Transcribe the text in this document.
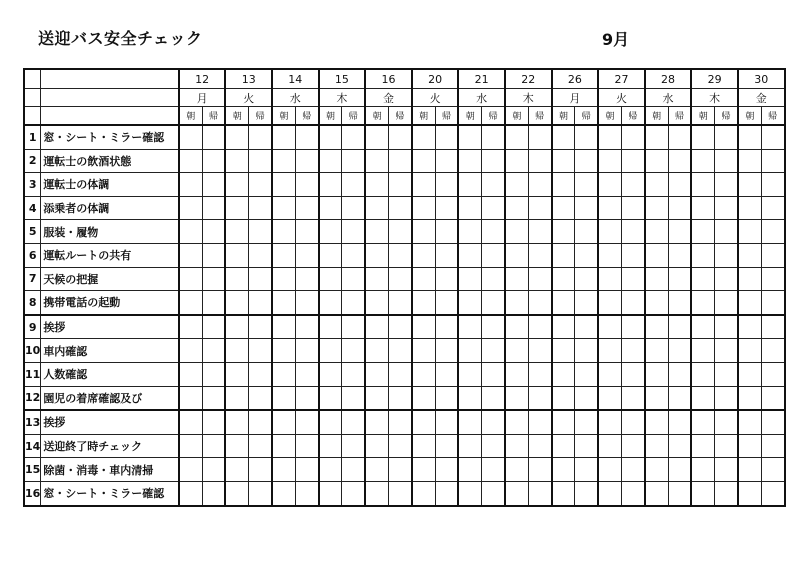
送迎バス安全チェック	9月
		12		13		14		15		16		20		21		22		26		27		28		29		30	
		月		火		水		木		金		火		水		木		月		火		水		木		金	
		朝	帰	朝	帰	朝	帰	朝	帰	朝	帰	朝	帰	朝	帰	朝	帰	朝	帰	朝	帰	朝	帰	朝	帰	朝	帰
1	窓・シート・ミラー確認																										
2	運転士の飲酒状態																										
3	運転士の体調																										
4	添乗者の体調																										
5	服装・履物																										
6	運転ルートの共有																										
7	天候の把握																										
8	携帯電話の起動																										
9	挨拶																										
10	車内確認																										
11	人数確認																										
12	園児の着席確認及び																										
13	挨拶																										
14	送迎終了時チェック																										
15	除菌・消毒・車内清掃																										
16	窓・シート・ミラー確認																										
